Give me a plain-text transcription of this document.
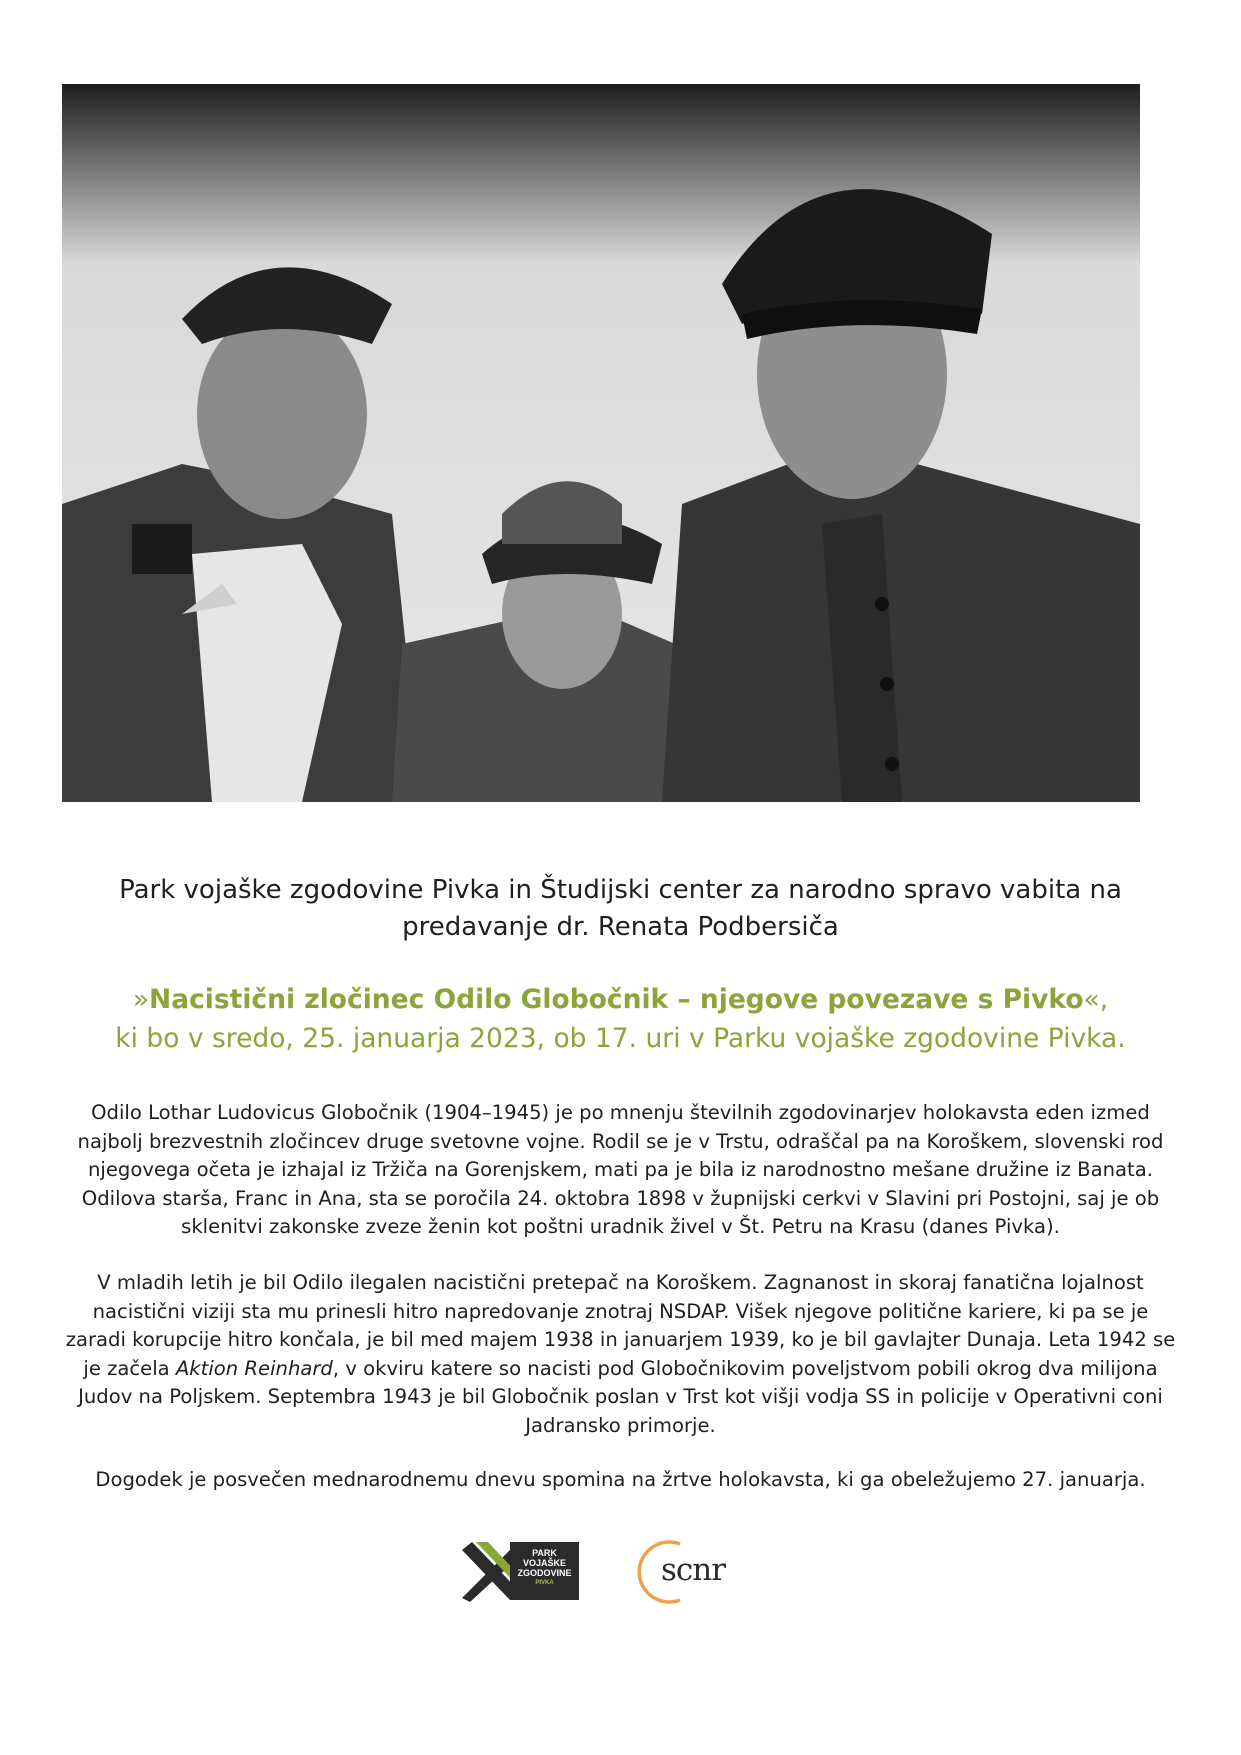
Park vojaške zgodovine Pivka in Študijski center za narodno spravo vabita na
predavanje dr. Renata Podbersiča
»Nacistični zločinec Odilo Globočnik – njegove povezave s Pivko«,
ki bo v sredo, 25. januarja 2023, ob 17. uri v Parku vojaške zgodovine Pivka.
Odilo Lothar Ludovicus Globočnik (1904–1945) je po mnenju številnih zgodovinarjev holokavsta eden izmed
najbolj brezvestnih zločincev druge svetovne vojne. Rodil se je v Trstu, odraščal pa na Koroškem, slovenski rod
njegovega očeta je izhajal iz Tržiča na Gorenjskem, mati pa je bila iz narodnostno mešane družine iz Banata.
Odilova starša, Franc in Ana, sta se poročila 24. oktobra 1898 v župnijski cerkvi v Slavini pri Postojni, saj je ob
sklenitvi zakonske zveze ženin kot poštni uradnik živel v Št. Petru na Krasu (danes Pivka).
V mladih letih je bil Odilo ilegalen nacistični pretepač na Koroškem. Zagnanost in skoraj fanatična lojalnost
nacistični viziji sta mu prinesli hitro napredovanje znotraj NSDAP. Višek njegove politične kariere, ki pa se je
zaradi korupcije hitro končala, je bil med majem 1938 in januarjem 1939, ko je bil gavlajter Dunaja. Leta 1942 se
je začela Aktion Reinhard, v okviru katere so nacisti pod Globočnikovim poveljstvom pobili okrog dva milijona
Judov na Poljskem. Septembra 1943 je bil Globočnik poslan v Trst kot višji vodja SS in policije v Operativni coni
Jadransko primorje.
Dogodek je posvečen mednarodnemu dnevu spomina na žrtve holokavsta, ki ga obeležujemo 27. januarja.
PARK
VOJAŠKE
ZGODOVINE
PIVKA	scnr
